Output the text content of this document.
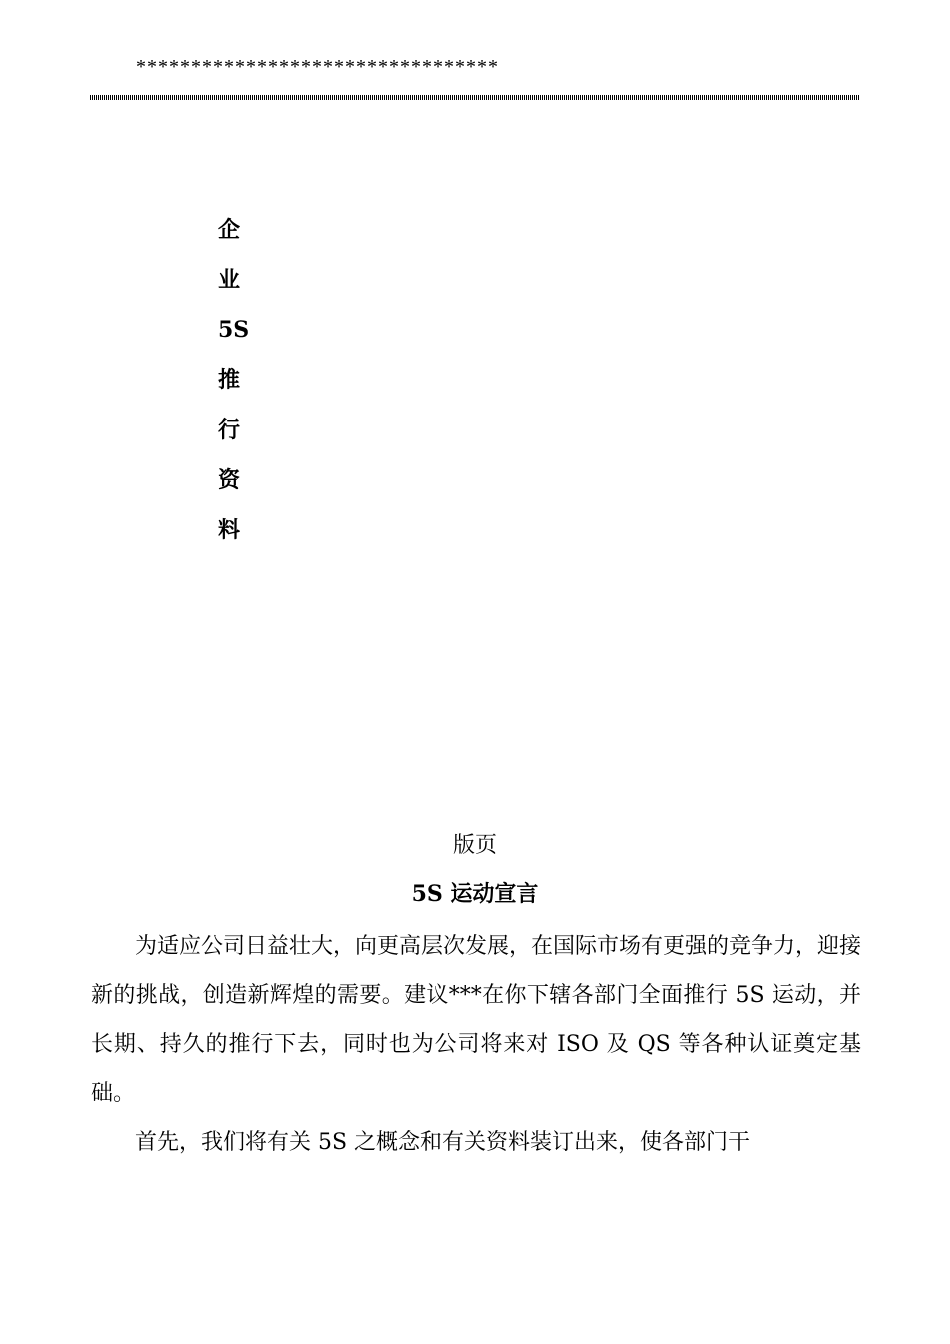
*********************************
企
业
5S
推
行
资
料
版页
5S 运动宣言

为适应公司日益壮大，向更高层次发展，在国际市场有更强的竞争力，迎接新的挑战，创造新辉煌的需要。建议***在你下辖各部门全面推行 5S 运动，并长期、持久的推行下去，同时也为公司将来对 ISO 及 QS 等各种认证奠定基础。

首先，我们将有关 5S 之概念和有关资料装订出来，使各部门干
